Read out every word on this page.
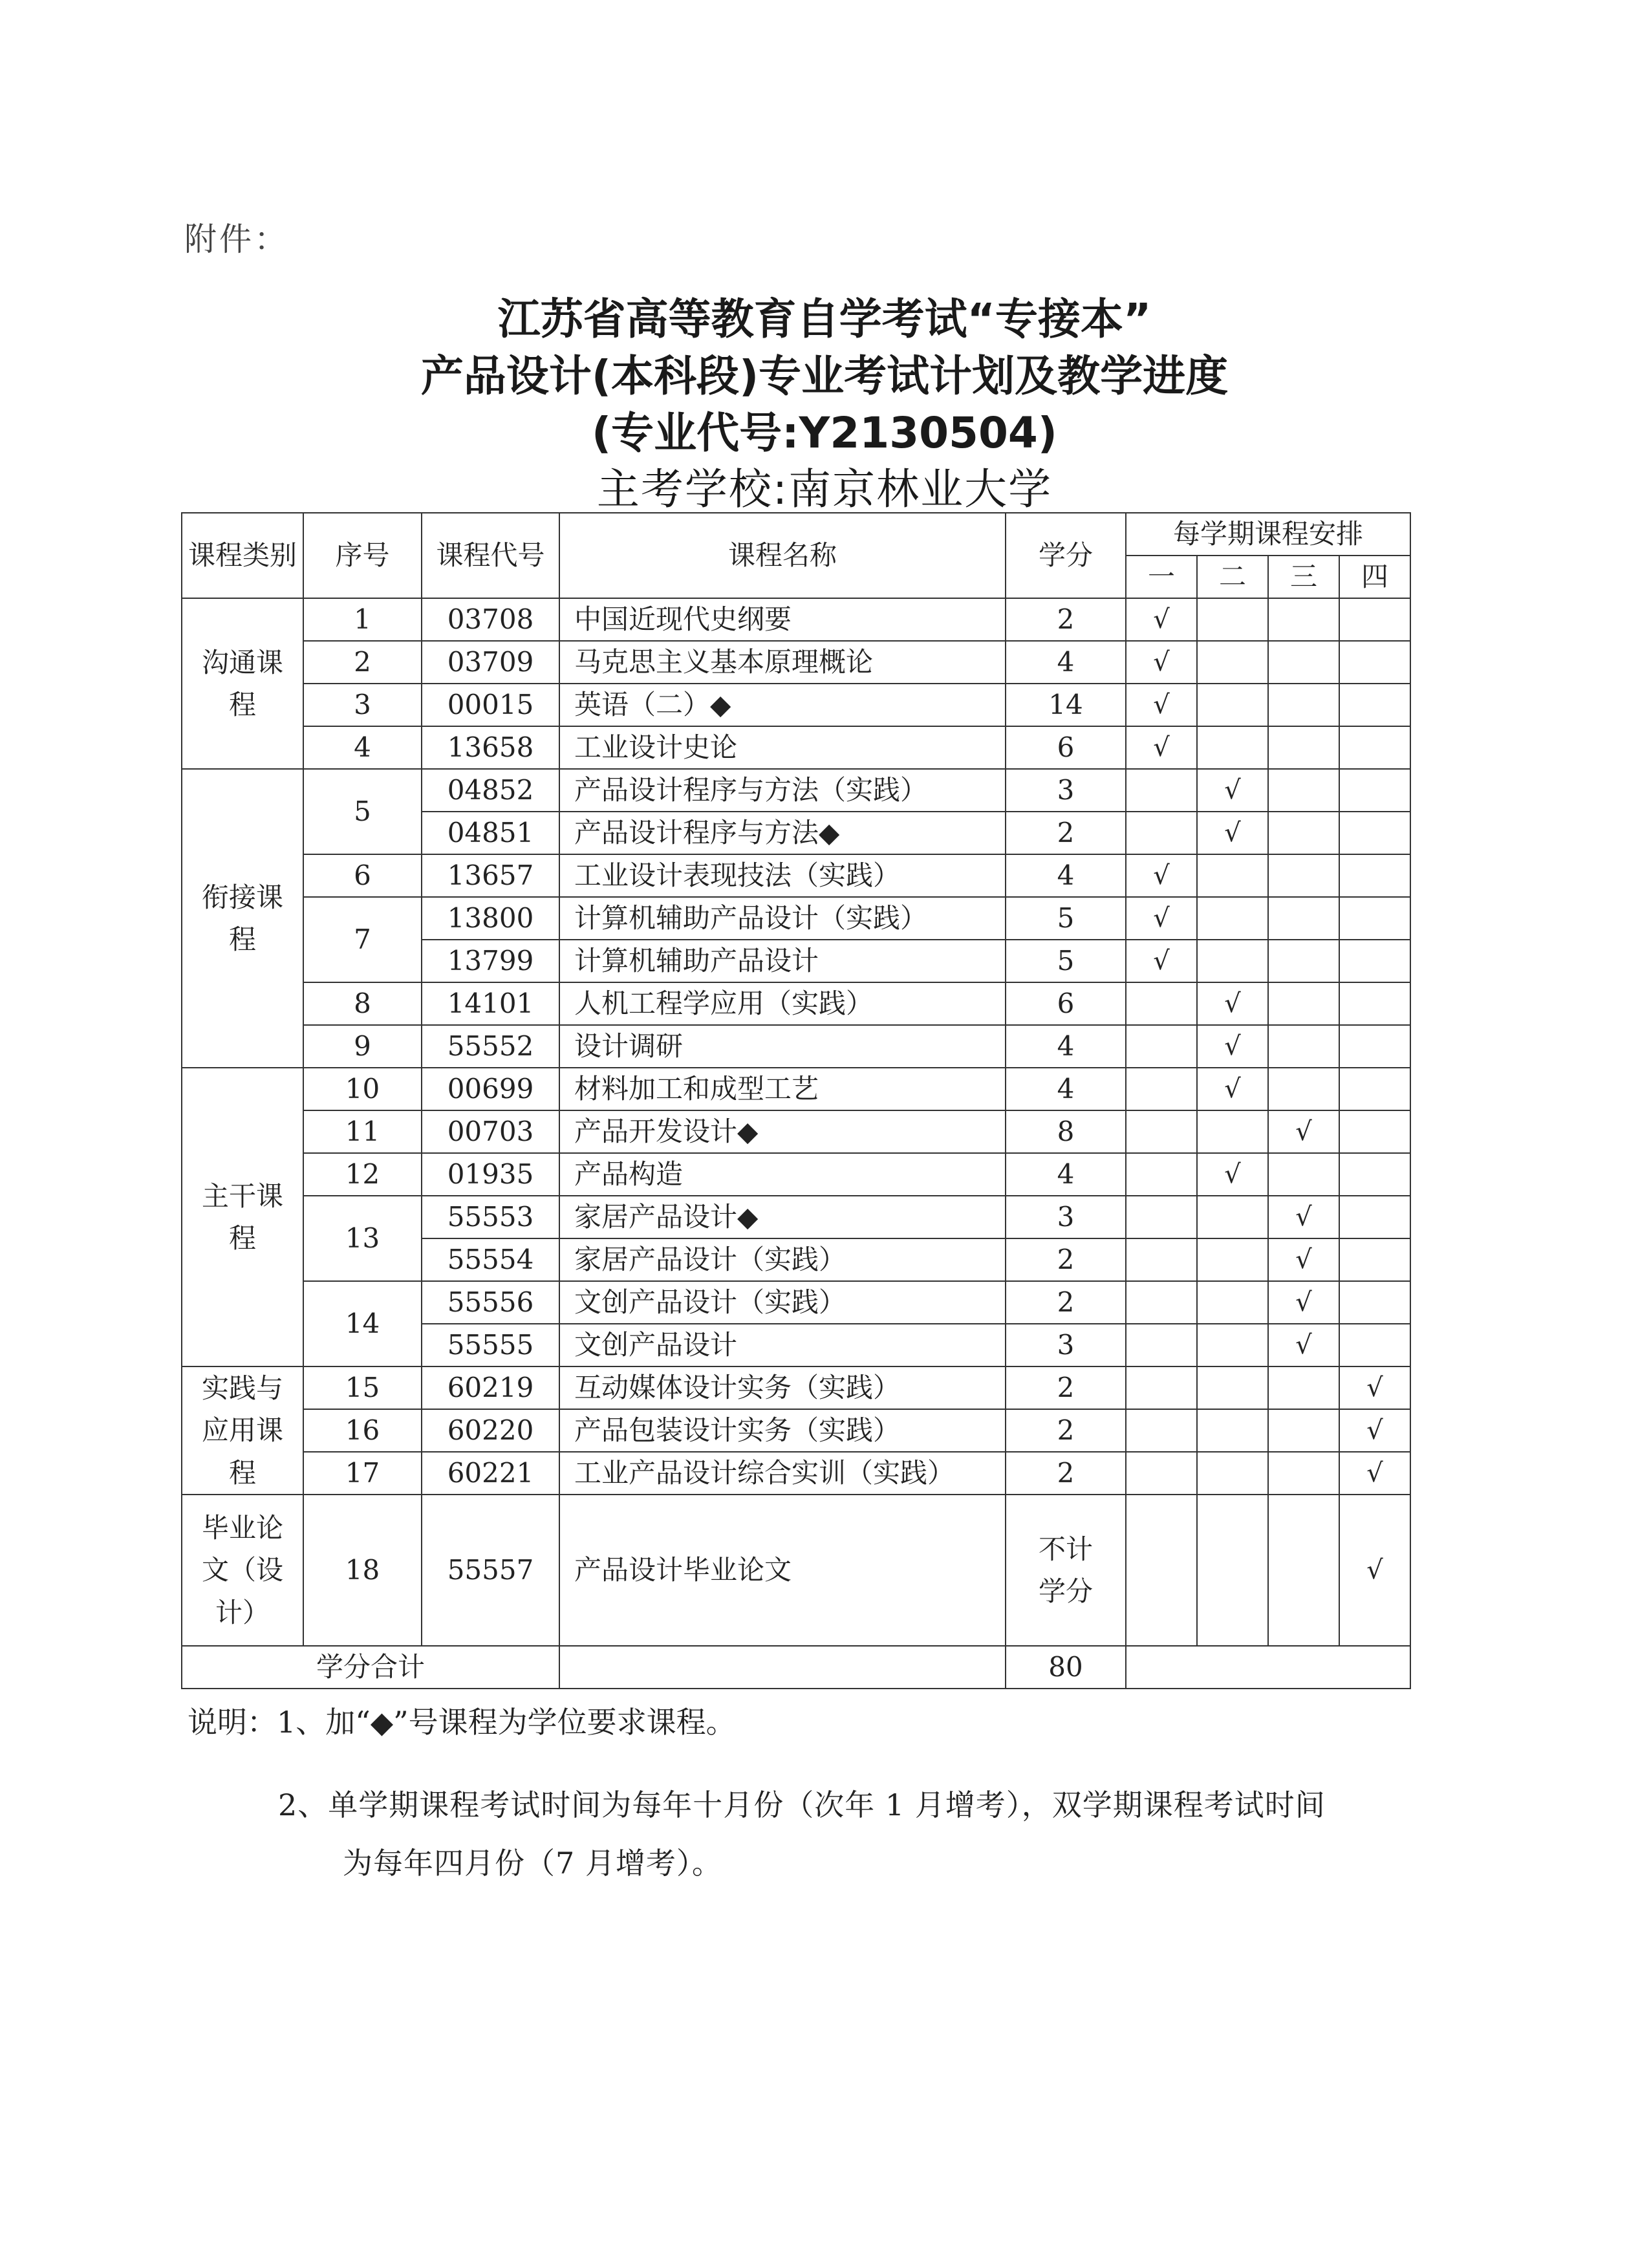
附件：
江苏省高等教育自学考试“专接本”
产品设计(本科段)专业考试计划及教学进度
(专业代号:Y2130504)
主考学校:南京林业大学
课程类别	序号	课程代号	课程名称	学分	每学期课程安排			
					一	二	三	四
沟通课程	1	03708	中国近现代史纲要	2	√			
	2	03709	马克思主义基本原理概论	4	√			
	3	00015	英语（二）◆	14	√			
	4	13658	工业设计史论	6	√			
衔接课程	5	04852	产品设计程序与方法（实践）	3		√		
		04851	产品设计程序与方法◆	2		√		
	6	13657	工业设计表现技法（实践）	4	√			
	7	13800	计算机辅助产品设计（实践）	5	√			
		13799	计算机辅助产品设计	5	√			
	8	14101	人机工程学应用（实践）	6		√		
	9	55552	设计调研	4		√		
主干课程	10	00699	材料加工和成型工艺	4		√		
	11	00703	产品开发设计◆	8			√	
	12	01935	产品构造	4		√		
	13	55553	家居产品设计◆	3			√	
		55554	家居产品设计（实践）	2			√	
	14	55556	文创产品设计（实践）	2			√	
		55555	文创产品设计	3			√	
实践与应用课程	15	60219	互动媒体设计实务（实践）	2				√
	16	60220	产品包装设计实务（实践）	2				√
	17	60221	工业产品设计综合实训（实践）	2				√
毕业论文（设计）	18	55557	产品设计毕业论文	不计学分				√
学分合计				80				
说明：1、加“◆”号课程为学位要求课程。
2、单学期课程考试时间为每年十月份（次年 1 月增考），双学期课程考试时间
为每年四月份（7 月增考）。
